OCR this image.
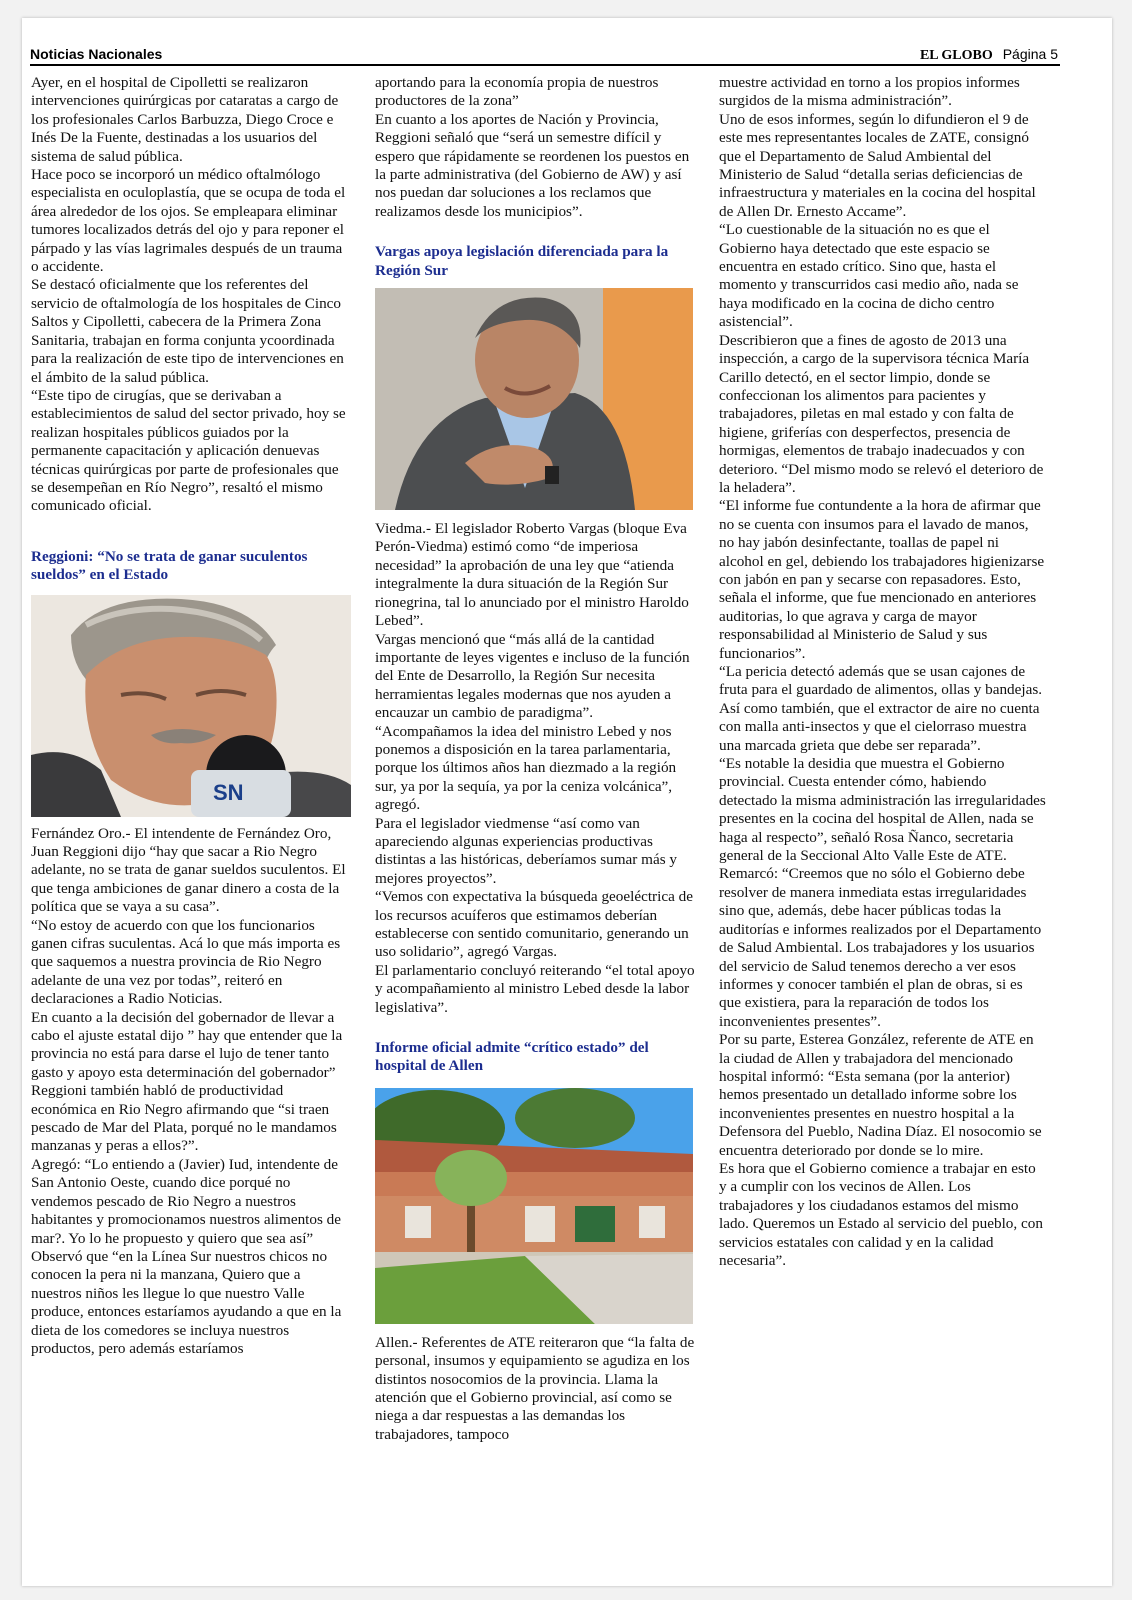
Noticias Nacionales	EL GLOBO Página 5

Ayer, en el hospital de Cipolletti se realizaron intervenciones quirúrgicas por cataratas a cargo de los profesionales Carlos Barbuzza, Diego Croce e Inés De la Fuente, destinadas a los usuarios del sistema de salud pública.

Hace poco se incorporó un médico oftalmólogo especialista en oculoplastía, que se ocupa de toda el área alrededor de los ojos. Se empleapara eliminar tumores localizados detrás del ojo y para reponer el párpado y las vías lagrimales después de un trauma o accidente.

Se destacó oficialmente que los referentes del servicio de oftalmología de los hospitales de Cinco Saltos y Cipolletti, cabecera de la Primera Zona Sanitaria, trabajan en forma conjunta ycoordinada para la realización de este tipo de intervenciones en el ámbito de la salud pública.

“Este tipo de cirugías, que se derivaban a establecimientos de salud del sector privado, hoy se realizan hospitales públicos guiados por la permanente capacitación y aplicación denuevas técnicas quirúrgicas por parte de profesionales que se desempeñan en Río Negro”, resaltó el mismo comunicado oficial.

Reggioni: “No se trata de ganar suculentos sueldos” en el Estado
SN

Fernández Oro.- El intendente de Fernández Oro, Juan Reggioni dijo “hay que sacar a Rio Negro adelante, no se trata de ganar sueldos suculentos. El que tenga ambiciones de ganar dinero a costa de la política que se vaya a su casa”.

“No estoy de acuerdo con que los funcionarios ganen cifras suculentas. Acá lo que más importa es que saquemos a nuestra provincia de Rio Negro adelante de una vez por todas”, reiteró en declaraciones a Radio Noticias.

En cuanto a la decisión del gobernador de llevar a cabo el ajuste estatal dijo ” hay que entender que la provincia no está para darse el lujo de tener tanto gasto y apoyo esta determinación del gobernador”

Reggioni también habló de productividad económica en Rio Negro afirmando que “si traen pescado de Mar del Plata, porqué no le mandamos manzanas y peras a ellos?”.

Agregó: “Lo entiendo a (Javier) Iud, intendente de San Antonio Oeste, cuando dice porqué no vendemos pescado de Rio Negro a nuestros habitantes y promocionamos nuestros alimentos de mar?. Yo lo he propuesto y quiero que sea así”

Observó que “en la Línea Sur nuestros chicos no conocen la pera ni la manzana, Quiero que a nuestros niños les llegue lo que nuestro Valle produce, entonces estaríamos ayudando a que en la dieta de los comedores se incluya nuestros productos, pero además estaríamos

aportando para la economía propia de nuestros productores de la zona”

En cuanto a los aportes de Nación y Provincia, Reggioni señaló que “será un semestre difícil y espero que rápidamente se reordenen los puestos en la parte administrativa (del Gobierno de AW) y así nos puedan dar soluciones a los reclamos que realizamos desde los municipios”.

Vargas apoya legislación diferenciada para la Región Sur

Viedma.- El legislador Roberto Vargas (bloque Eva Perón-Viedma) estimó como “de imperiosa necesidad” la aprobación de una ley que “atienda integralmente la dura situación de la Región Sur rionegrina, tal lo anunciado por el ministro Haroldo Lebed”.

Vargas mencionó que “más allá de la cantidad importante de leyes vigentes e incluso de la función del Ente de Desarrollo, la Región Sur necesita herramientas legales modernas que nos ayuden a encauzar un cambio de paradigma”.

“Acompañamos la idea del ministro Lebed y nos ponemos a disposición en la tarea parlamentaria, porque los últimos años han diezmado a la región sur, ya por la sequía, ya por la ceniza volcánica”, agregó.

Para el legislador viedmense “así como van apareciendo algunas experiencias productivas distintas a las históricas, deberíamos sumar más y mejores proyectos”.

“Vemos con expectativa la búsqueda geoeléctrica de los recursos acuíferos que estimamos deberían establecerse con sentido comunitario, generando un uso solidario”, agregó Vargas.

El parlamentario concluyó reiterando “el total apoyo y acompañamiento al ministro Lebed desde la labor legislativa”.

Informe oficial admite “crítico estado” del hospital de Allen

Allen.- Referentes de ATE reiteraron que “la falta de personal, insumos y equipamiento se agudiza en los distintos nosocomios de la provincia. Llama la atención que el Gobierno provincial, así como se niega a dar respuestas a las demandas los trabajadores, tampoco

muestre actividad en torno a los propios informes surgidos de la misma administración”.

Uno de esos informes, según lo difundieron el 9 de este mes representantes locales de ZATE, consignó que el Departamento de Salud Ambiental del Ministerio de Salud “detalla serias deficiencias de infraestructura y materiales en la cocina del hospital de Allen Dr. Ernesto Accame”.

“Lo cuestionable de la situación no es que el Gobierno haya detectado que este espacio se encuentra en estado crítico. Sino que, hasta el momento y transcurridos casi medio año, nada se haya modificado en la cocina de dicho centro asistencial”.

Describieron que a fines de agosto de 2013 una inspección, a cargo de la supervisora técnica María Carillo detectó, en el sector limpio, donde se confeccionan los alimentos para pacientes y trabajadores, piletas en mal estado y con falta de higiene, griferías con desperfectos, presencia de hormigas, elementos de trabajo inadecuados y con deterioro. “Del mismo modo se relevó el deterioro de la heladera”.

“El informe fue contundente a la hora de afirmar que no se cuenta con insumos para el lavado de manos, no hay jabón desinfectante, toallas de papel ni alcohol en gel, debiendo los trabajadores higienizarse con jabón en pan y secarse con repasadores. Esto, señala el informe, que fue mencionado en anteriores auditorias, lo que agrava y carga de mayor responsabilidad al Ministerio de Salud y sus funcionarios”.

“La pericia detectó además que se usan cajones de fruta para el guardado de alimentos, ollas y bandejas. Así como también, que el extractor de aire no cuenta con malla anti-insectos y que el cielorraso muestra una marcada grieta que debe ser reparada”.

“Es notable la desidia que muestra el Gobierno provincial. Cuesta entender cómo, habiendo detectado la misma administración las irregularidades presentes en la cocina del hospital de Allen, nada se haga al respecto”, señaló Rosa Ñanco, secretaria general de la Seccional Alto Valle Este de ATE.

Remarcó: “Creemos que no sólo el Gobierno debe resolver de manera inmediata estas irregularidades sino que, además, debe hacer públicas todas la auditorías e informes realizados por el Departamento de Salud Ambiental. Los trabajadores y los usuarios del servicio de Salud tenemos derecho a ver esos informes y conocer también el plan de obras, si es que existiera, para la reparación de todos los inconvenientes presentes”.

Por su parte, Esterea González, referente de ATE en la ciudad de Allen y trabajadora del mencionado hospital informó: “Esta semana (por la anterior) hemos presentado un detallado informe sobre los inconvenientes presentes en nuestro hospital a la Defensora del Pueblo, Nadina Díaz. El nosocomio se encuentra deteriorado por donde se lo mire.

Es hora que el Gobierno comience a trabajar en esto y a cumplir con los vecinos de Allen. Los trabajadores y los ciudadanos estamos del mismo lado. Queremos un Estado al servicio del pueblo, con servicios estatales con calidad y en la calidad necesaria”.
